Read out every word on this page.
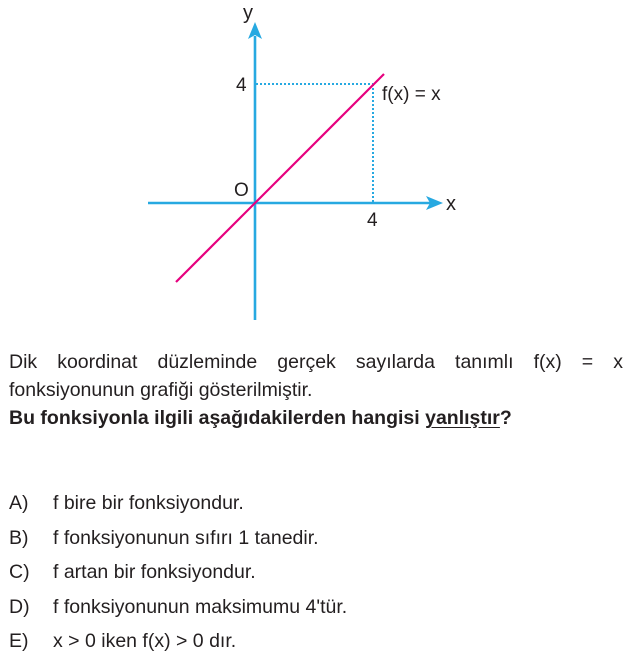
y
x
O
4
4
f(x) = x
Dik koordinat düzleminde gerçek sayılarda tanımlı f(x) = x
fonksiyonunun grafiği gösterilmiştir.
Bu fonksiyonla ilgili aşağıdakilerden hangisi yanlıştır?
A)	f bire bir fonksiyondur.
B)	f fonksiyonunun sıfırı 1 tanedir.
C)	f artan bir fonksiyondur.
D)	f fonksiyonunun maksimumu 4'tür.
E)	x > 0 iken f(x) > 0 dır.
